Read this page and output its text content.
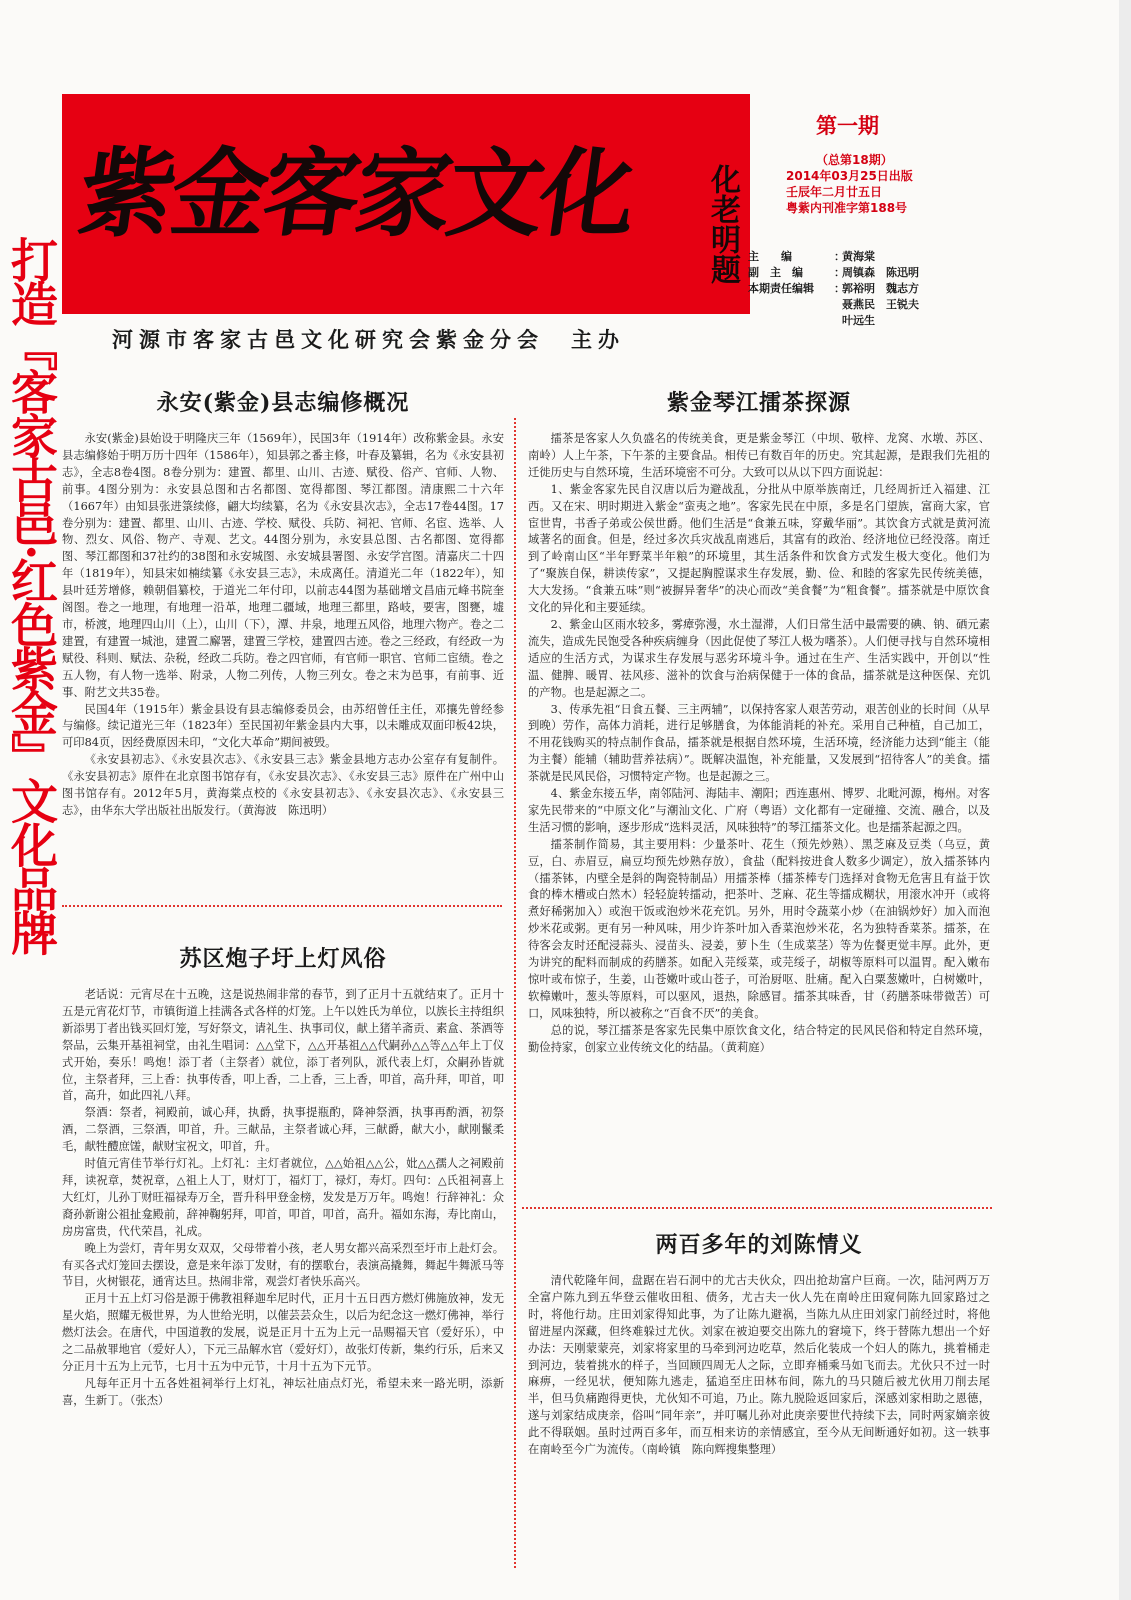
紫金客家文化	化老明题
第一期
（总第18期）
2014年03月25日出版
壬辰年二月廿五日
粤紫内刊准字第188号
主　　编	：
黄海棠
副　主　编	：
周镇森　陈迅明
本期责任编辑	：
郭裕明　魏志方
聂燕民　王锐夫
叶远生
河源市客家古邑文化研究会紫金分会　主办
打造『客家古邑·红色紫金』文化品牌	永安(紫金)县志编修概况

永安(紫金)县始设于明隆庆三年（1569年），民国3年（1914年）改称紫金县。永安县志编修始于明万历十四年（1586年），知县郭之番主修，叶春及纂辑，名为《永安县初志》，全志8卷4图。8卷分别为：建置、都里、山川、古迹、赋役、俗产、官师、人物、前事。4图分别为：永安县总图和古名都图、宽得都图、琴江都图。清康熙二十六年（1667年）由知县张进箓续修，翩大均续纂，名为《永安县次志》，全志17卷44图。17卷分别为：建置、都里、山川、古迹、学校、赋役、兵防、祠祀、官师、名宦、选举、人物、烈女、风俗、物产、寺观、艺文。44图分别为，永安县总图、古名都图、宽得都图、琴江都图和37社约的38图和永安城图、永安城县署图、永安学宫图。清嘉庆二十四年（1819年），知县宋如楠续纂《永安县三志》，未成离任。清道光二年（1822年），知县叶廷芳增修，赖朝倡纂校，于道光二年付印，以前志44图为基础增文昌庙元峰书院奎阁图。卷之一地理，有地理一沿革，地理二疆域，地理三都里，路岐，要害，图甕，墟市，桥渡，地理四山川（上），山川（下），潭、井泉，地理五风俗，地理六物产。卷之二建置，有建置一城池，建置二廨署，建置三学校，建置四古迹。卷之三经政，有经政一为赋役、科则、赋法、杂税，经政二兵防。卷之四官师，有官师一职官、官师二宦绩。卷之五人物，有人物一选举、附录，人物二列传，人物三列女。卷之末为邑事，有前事、近事、附艺文共35卷。

民国4年（1915年）紫金县设有县志编修委员会，由苏绍曾任主任，邓攘先曾经参与编修。续记道光三年（1823年）至民国初年紫金县内大事，以未雕成双面印板42块，可印84页，因经费原因未印，“文化大革命”期间被毁。

《永安县初志》、《永安县次志》、《永安县三志》紫金县地方志办公室存有复制件。《永安县初志》原件在北京图书馆存有，《永安县次志》、《永安县三志》原件在广州中山图书馆存有。2012年5月，黄海棠点校的《永安县初志》、《永安县次志》、《永安县三志》，由华东大学出版社出版发行。（黄海波　陈迅明）

苏区炮子圩上灯风俗

老话说：元宵尽在十五晚，这是说热闹非常的春节，到了正月十五就结束了。正月十五是元宵花灯节，市镇街道上挂满各式各样的灯笼。上午以姓氏为单位，以族长主持组织新添男丁者出钱买回灯笼，写好祭文，请礼生、执事司仪，献上猪羊斋贡、素盒、茶酒等祭品，云集开基祖祠堂，由礼生唱词：△△堂下，△△开基祖△△代嗣孙△△等△△年上丁仪式开始，奏乐！鸣炮！添丁者（主祭者）就位，添丁者列队，派代表上灯，众嗣孙皆就位，主祭者拜，三上香：执事传香，叩上香，二上香，三上香，叩首，高升拜，叩首，叩首，高升，如此四礼八拜。

祭酒：祭者，祠殿前，诚心拜，执爵，执事提瓶酌，降神祭酒，执事再酌酒，初祭酒，二祭酒，三祭酒，叩首，升。三献品，主祭者诚心拜，三献爵，献大小，献刚鬣柔毛，献牲醴庶馐，献财宝祝文，叩首，升。

时值元宵佳节举行灯礼。上灯礼：主灯者就位，△△始祖△△公，妣△△孺人之祠殿前拜，读祝章，焚祝章，△祖上人丁，财灯丁，福灯丁，禄灯，寿灯。四句：△氏祖祠喜上大红灯，儿孙丁财旺福禄寿万全，晋升科甲登金榜，发发是万万年。鸣炮！行辞神礼：众裔孙新谢公祖扯龛殿前，辞神鞠躬拜，叩首，叩首，叩首，高升。福如东海，寿比南山，房房富贵，代代荣昌，礼成。

晚上为尝灯，青年男女双双，父母带着小孩，老人男女都兴高采烈至圩市上赴灯会。有买各式灯笼回去摆设，意是来年添丁发财，有的摆歌台，表演高撬舞，舞起牛舞派马等节目，火树银花，通宵达旦。热闹非常，观尝灯者快乐高兴。

正月十五上灯习俗是源于佛教祖释迦牟尼时代，正月十五日西方燃灯佛施放神，发无星火焰，照耀无极世界，为人世给光明，以催芸芸众生，以后为纪念这一燃灯佛神，举行燃灯法会。在唐代，中国道教的发展，说是正月十五为上元一品赐福天官（爱好乐），中之二品赦罪地官（爱好人），下元三品解水官（爱好灯），故张灯传新，集约行乐，后来又分正月十五为上元节，七月十五为中元节，十月十五为下元节。

凡每年正月十五各姓祖祠举行上灯礼，神坛社庙点灯光，希望未来一路光明，添新喜，生新丁。（张杰）

紫金琴江擂茶探源

擂茶是客家人久负盛名的传统美食，更是紫金琴江（中坝、敬梓、龙窝、水墩、苏区、南岭）人上午茶，下午茶的主要食品。相传已有数百年的历史。究其起源，是跟我们先祖的迁徙历史与自然环境，生活环境密不可分。大致可以从以下四方面说起：

1、紫金客家先民自汉唐以后为避战乱，分批从中原举族南迁，几经周折迁入福建、江西。又在宋、明时期进入紫金“蛮夷之地”。客家先民在中原，多是名门望族，富商大家，官宦世胄，书香子弟或公侯世爵。他们生活是“食兼五味，穿戴华丽”。其饮食方式就是黄河流域著名的面食。但是，经过多次兵灾战乱南逃后，其富有的政治、经济地位已经没落。南迁到了岭南山区“半年野菜半年粮”的环境里，其生活条件和饮食方式发生极大变化。他们为了“聚族自保，耕读传家”，又提起胸膛谋求生存发展，勤、俭、和睦的客家先民传统美德，大大发扬。“食兼五味”则“被摒异奢华”的决心而改“美食餐”为“粗食餐”。擂茶就是中原饮食文化的异化和主要延续。

2、紫金山区雨水较多，雾瘴弥漫，水土湿滞，人们日常生活中最需要的碘、钠、硒元素流失，造成先民饱受各种疾病缠身（因此促使了琴江人极为嗜茶）。人们便寻找与自然环境相适应的生活方式，为谋求生存发展与恶劣环境斗争。通过在生产、生活实践中，开创以“性温、健脾、暖胃、祛风疹、滋补的饮食与治病保健于一体的食品，擂茶就是这种医保、充饥的产物。也是起源之二。

3、传承先祖“日食五餐、三主两辅”，以保持客家人艰苦劳动，艰苦创业的长时间（从早到晚）劳作，高体力消耗，进行足够膳食，为体能消耗的补充。采用自己种植，自己加工，不用花钱购买的特点制作食品，擂茶就是根据自然环境，生活环境，经济能力达到“能主（能为主餐）能辅（辅助营养祛病）”。既解决温饱，补充能量，又发展到“招待客人”的美食。擂茶就是民风民俗，习惯特定产物。也是起源之三。

4、紫金东接五华，南邻陆河、海陆丰、潮阳；西连惠州、博罗、北毗河源，梅州。对客家先民带来的“中原文化”与潮汕文化、广府（粤语）文化都有一定碰撞、交流、融合，以及生活习惯的影响，逐步形成“选料灵活，风味独特”的琴江擂茶文化。也是擂茶起源之四。

擂茶制作简易，其主要用料：少量茶叶、花生（预先炒熟）、黑芝麻及豆类（乌豆，黄豆，白、赤眉豆，扁豆均预先炒熟存放），食盐（配料按进食人数多少调定），放入擂茶钵内（擂茶钵，内壁全是斜的陶瓷特制品）用擂茶棒（擂茶棒专门选择对食物无危害且有益于饮食的棒木槽或白然木）轻轻旋转擂动，把茶叶、芝麻、花生等擂成糊状，用滚水冲开（或将煮好稀粥加入）或泡干饭或泡炒米花充饥。另外，用时令蔬菜小炒（在油锅炒好）加入而泡炒米花或粥。更有另一种风味，用少许茶叶加入香菜泡炒米花，名为独特香菜茶。擂茶，在待客会友时还配浸蒜头、浸苗头、浸姜，萝卜生（生成菜茎）等为佐餐更觉丰厚。此外，更为讲究的配料而制成的药膳茶。如配入芫绥菜，或芫绥子，胡椒等原料可以温胃。配入嫩布惊叶或布惊子，生姜，山苍嫩叶或山苍子，可治厨呕、肚痛。配入白粟葱嫩叶，白树嫩叶，软樟嫩叶，葱头等原料，可以驱风，退热，除感冒。擂茶其味香，甘（药膳茶味带微苦）可口，风味独特，所以被称之“百食不厌”的美食。

总的说，琴江擂茶是客家先民集中原饮食文化，结合特定的民风民俗和特定自然环境，勤俭持家，创家立业传统文化的结晶。（黄莉庭）

两百多年的刘陈情义

清代乾隆年间，盘踞在岩石洞中的尤古夫伙众，四出抢劫富户巨商。一次，陆河两万万全富户陈九到五华登云催收田租、债务，尤古夫一伙人先在南岭庄田窥伺陈九回家路过之时，将他行劫。庄田刘家得知此事，为了让陈九避祸，当陈九从庄田刘家门前经过时，将他留进屋内深藏，但终难躲过尤伙。刘家在被迫要交出陈九的窘境下，终于替陈九想出一个好办法：天刚蒙蒙亮，刘家将家里的马牵到河边吃草，然后化装成一个妇人的陈九，挑着桶走到河边，装着挑水的样子，当回顾四周无人之际，立即弃桶乘马如飞而去。尤伙只不过一时麻痹，一经见状，便知陈九逃走，猛追至庄田林布间，陈九的马只随后被尤伙用刀削去尾半，但马负痛跑得更快，尤伙知不可追，乃止。陈九脱险返回家后，深感刘家相助之恩德，遂与刘家结成庚亲，俗叫“同年亲”，并叮嘱儿孙对此庚亲要世代持续下去，同时两家嫡亲彼此不得联姻。虽时过两百多年，而互相来访的亲情感宜，至今从无间断通好如初。这一轶事在南岭至今广为流传。（南岭镇　陈向辉搜集整理）
